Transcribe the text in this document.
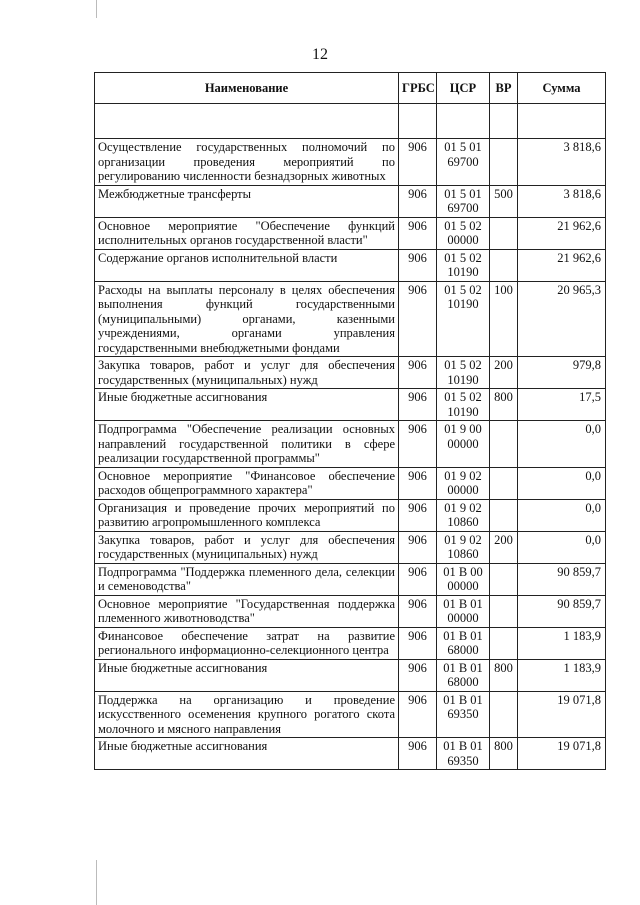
12
Наименование	ГРБС	ЦСР	ВР	Сумма

Осуществление государственных полномочий по организации проведения мероприятий по регулированию численности безнадзорных животных	906	01 5 01 69700		3 818,6
Межбюджетные трансферты	906	01 5 01 69700	500	3 818,6
Основное мероприятие "Обеспечение функций исполнительных органов государственной власти"	906	01 5 02 00000		21 962,6
Содержание органов исполнительной власти	906	01 5 02 10190		21 962,6
Расходы на выплаты персоналу в целях обеспечения выполнения функций государственными (муниципальными) органами, казенными учреждениями, органами управления государственными внебюджетными фондами	906	01 5 02 10190	100	20 965,3
Закупка товаров, работ и услуг для обеспечения государственных (муниципальных) нужд	906	01 5 02 10190	200	979,8
Иные бюджетные ассигнования	906	01 5 02 10190	800	17,5
Подпрограмма "Обеспечение реализации основных направлений государственной политики в сфере реализации государственной программы"	906	01 9 00 00000		0,0
Основное мероприятие "Финансовое обеспечение расходов общепрограммного характера"	906	01 9 02 00000		0,0
Организация и проведение прочих мероприятий по развитию агропромышленного комплекса	906	01 9 02 10860		0,0
Закупка товаров, работ и услуг для обеспечения государственных (муниципальных) нужд	906	01 9 02 10860	200	0,0
Подпрограмма "Поддержка племенного дела, селекции и семеноводства"	906	01 В 00 00000		90 859,7
Основное мероприятие "Государственная поддержка племенного животноводства"	906	01 В 01 00000		90 859,7
Финансовое обеспечение затрат на развитие регионального информационно-селекционного центра	906	01 В 01 68000		1 183,9
Иные бюджетные ассигнования	906	01 В 01 68000	800	1 183,9
Поддержка на организацию и проведение искусственного осеменения крупного рогатого скота молочного и мясного направления	906	01 В 01 69350		19 071,8
Иные бюджетные ассигнования	906	01 В 01 69350	800	19 071,8
